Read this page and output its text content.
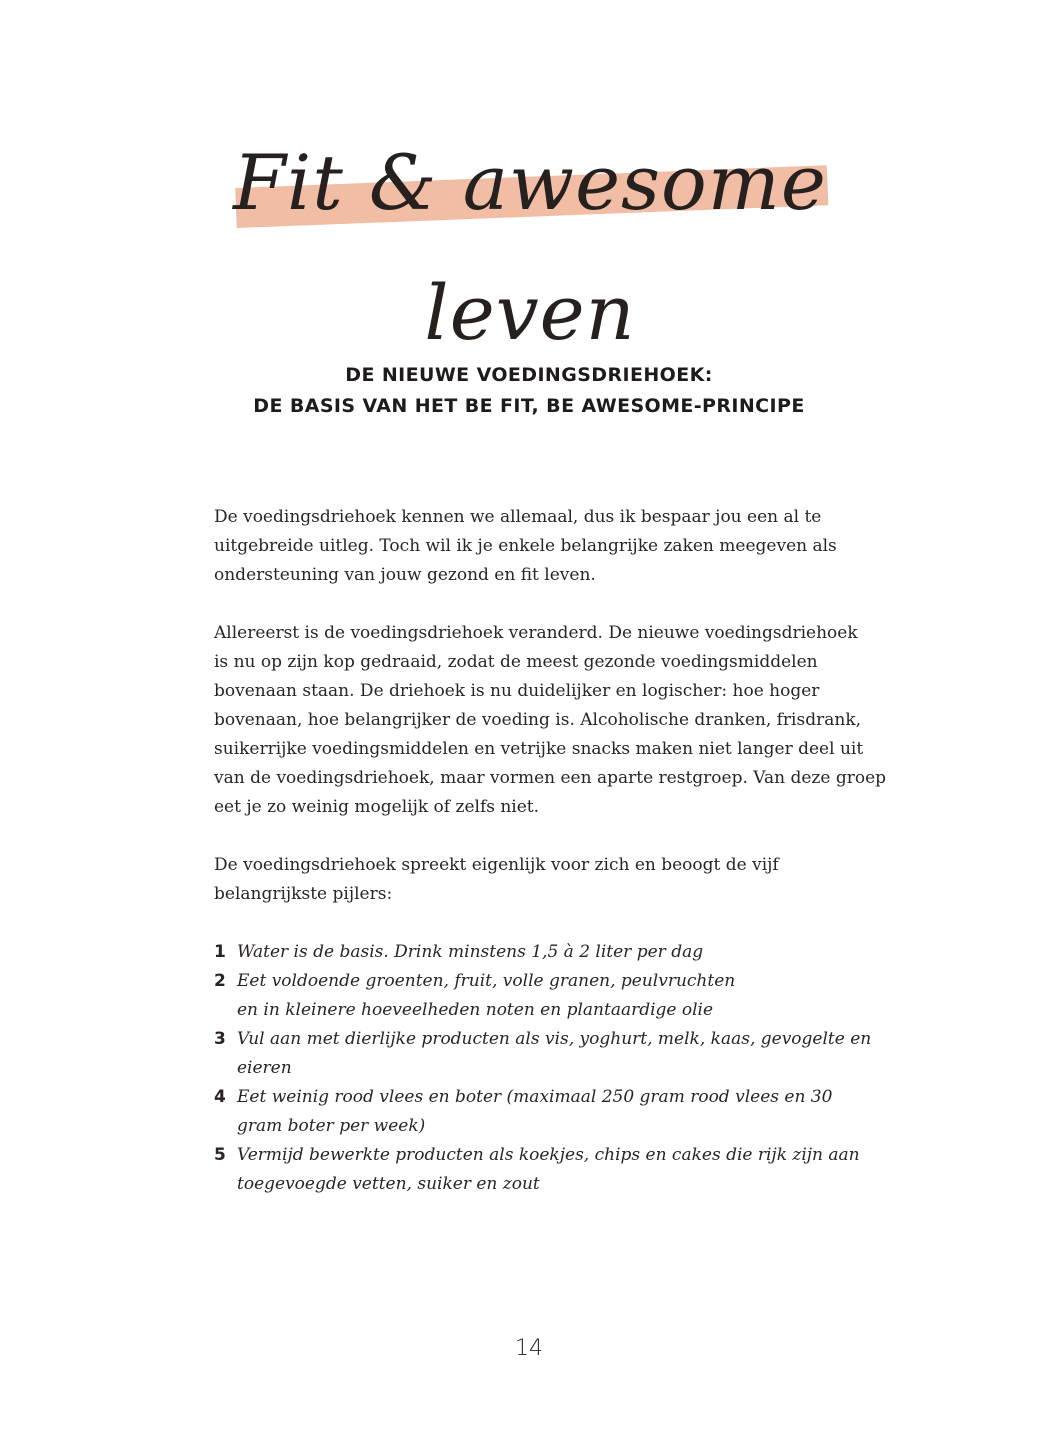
Fit & awesome leven
DE NIEUWE VOEDINGSDRIEHOEK:
DE BASIS VAN HET BE FIT, BE AWESOME-PRINCIPE

De voedingsdriehoek kennen we allemaal, dus ik bespaar jou een al te
uitgebreide uitleg. Toch wil ik je enkele belangrijke zaken meegeven als
ondersteuning van jouw gezond en fit leven.

Allereerst is de voedingsdriehoek veranderd. De nieuwe voedingsdriehoek
is nu op zijn kop gedraaid, zodat de meest gezonde voedingsmiddelen
bovenaan staan. De driehoek is nu duidelijker en logischer: hoe hoger
bovenaan, hoe belangrijker de voeding is. Alcoholische dranken, frisdrank,
suikerrijke voedingsmiddelen en vetrijke snacks maken niet langer deel uit
van de voedingsdriehoek, maar vormen een aparte restgroep. Van deze groep
eet je zo weinig mogelijk of zelfs niet.

De voedingsdriehoek spreekt eigenlijk voor zich en beoogt de vijf
belangrijkste pijlers:

1 Water is de basis. Drink minstens 1,5 à 2 liter per dag
2 Eet voldoende groenten, fruit, volle granen, peulvruchten
en in kleinere hoeveelheden noten en plantaardige olie
3 Vul aan met dierlijke producten als vis, yoghurt, melk, kaas, gevogelte en
eieren
4 Eet weinig rood vlees en boter (maximaal 250 gram rood vlees en 30
gram boter per week)
5 Vermijd bewerkte producten als koekjes, chips en cakes die rijk zijn aan
toegevoegde vetten, suiker en zout
14
